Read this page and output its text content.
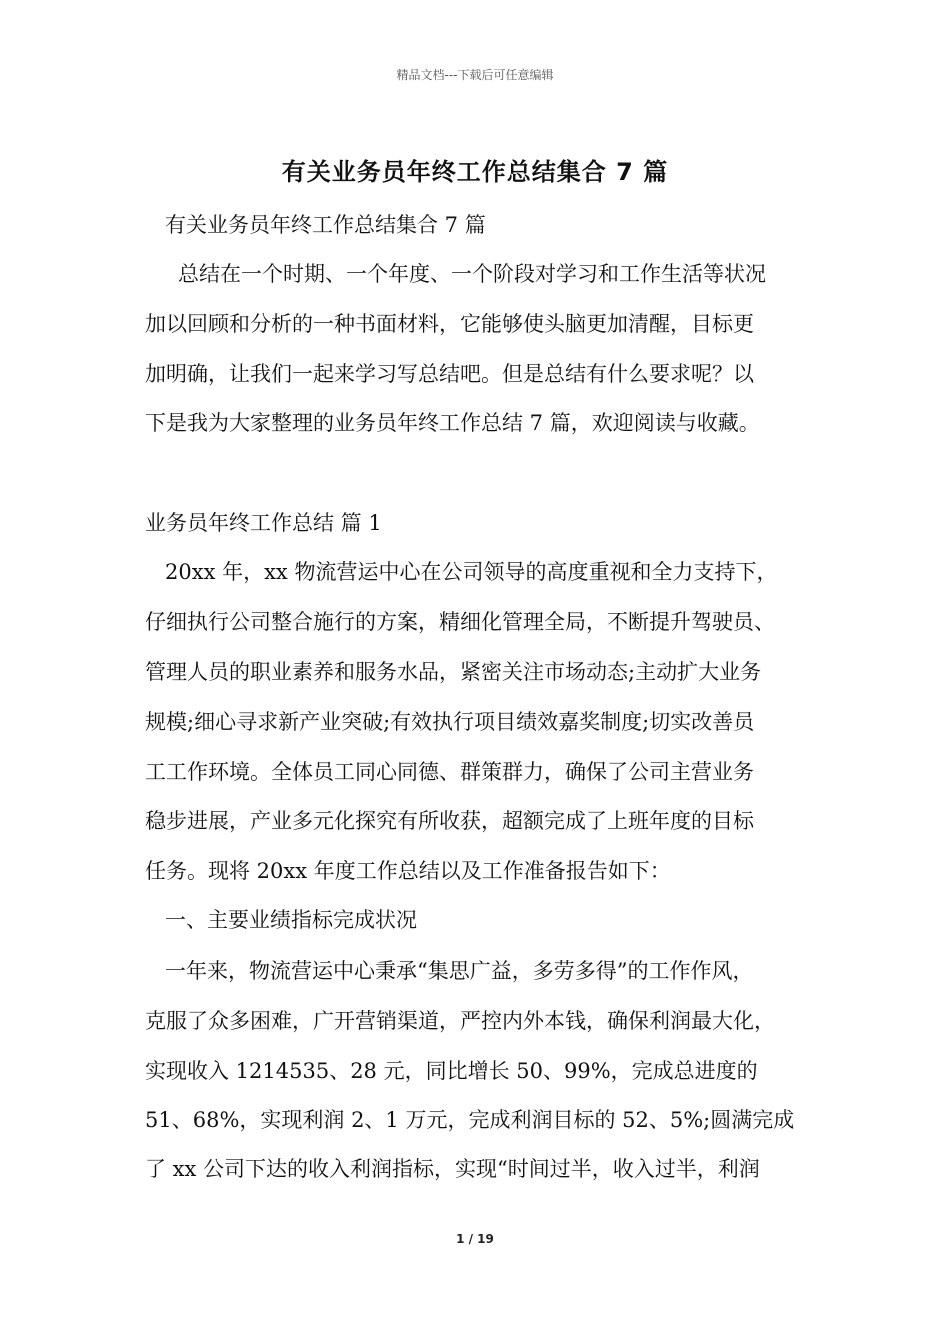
精品文档---下载后可任意编辑
有关业务员年终工作总结集合 7 篇
有关业务员年终工作总结集合 7 篇
总结在一个时期、一个年度、一个阶段对学习和工作生活等状况
加以回顾和分析的一种书面材料，它能够使头脑更加清醒，目标更
加明确，让我们一起来学习写总结吧。但是总结有什么要求呢？以
下是我为大家整理的业务员年终工作总结 7 篇，欢迎阅读与收藏。
业务员年终工作总结 篇 1
20xx 年，xx 物流营运中心在公司领导的高度重视和全力支持下，
仔细执行公司整合施行的方案，精细化管理全局，不断提升驾驶员、
管理人员的职业素养和服务水品，紧密关注市场动态;主动扩大业务
规模;细心寻求新产业突破;有效执行项目绩效嘉奖制度;切实改善员
工工作环境。全体员工同心同德、群策群力，确保了公司主营业务
稳步进展，产业多元化探究有所收获，超额完成了上班年度的目标
任务。现将 20xx 年度工作总结以及工作准备报告如下：
一、主要业绩指标完成状况
一年来，物流营运中心秉承“集思广益，多劳多得”的工作作风，
克服了众多困难，广开营销渠道，严控内外本钱，确保利润最大化，
实现收入 1214535、28 元，同比增长 50、99%，完成总进度的
51、68%，实现利润 2、1 万元，完成利润目标的 52、5%;圆满完成
了 xx 公司下达的收入利润指标，实现“时间过半，收入过半，利润
1 / 19
